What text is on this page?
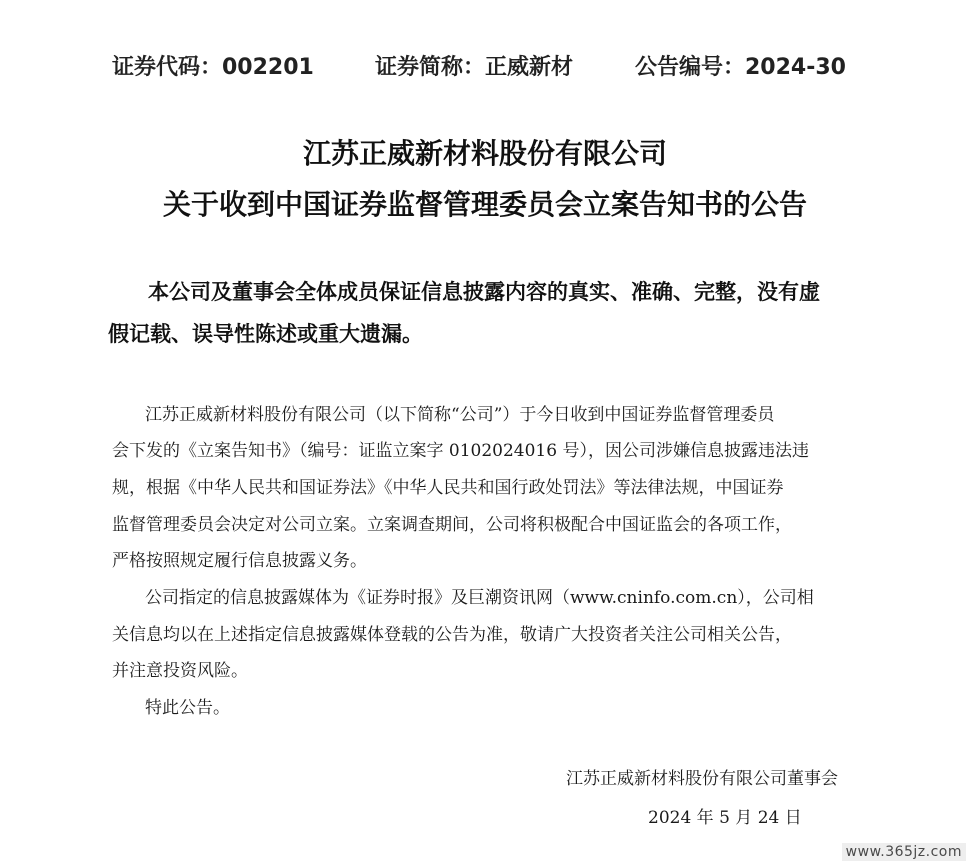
证券代码：002201	证券简称：正威新材	公告编号：2024-30
江苏正威新材料股份有限公司
关于收到中国证券监督管理委员会立案告知书的公告
本公司及董事会全体成员保证信息披露内容的真实、准确、完整，没有虚
假记载、误导性陈述或重大遗漏。
江苏正威新材料股份有限公司（以下简称“公司”）于今日收到中国证券监督管理委员
会下发的《立案告知书》（编号：证监立案字 0102024016 号），因公司涉嫌信息披露违法违
规，根据《中华人民共和国证券法》《中华人民共和国行政处罚法》等法律法规，中国证券
监督管理委员会决定对公司立案。立案调查期间，公司将积极配合中国证监会的各项工作，
严格按照规定履行信息披露义务。
公司指定的信息披露媒体为《证券时报》及巨潮资讯网（www.cninfo.com.cn），公司相
关信息均以在上述指定信息披露媒体登载的公告为准，敬请广大投资者关注公司相关公告，
并注意投资风险。
特此公告。
江苏正威新材料股份有限公司董事会
2024 年 5 月 24 日
www.365jz.com
